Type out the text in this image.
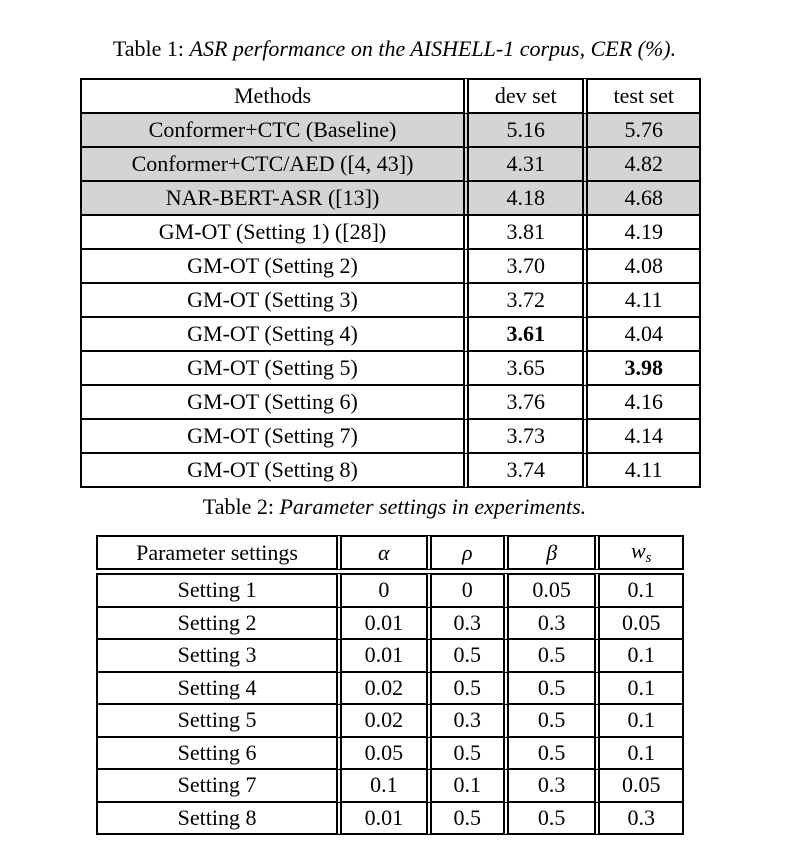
Table 1: ASR performance on the AISHELL-1 corpus, CER (%).
Methods	dev set	test set
Conformer+CTC (Baseline)	5.16	5.76
Conformer+CTC/AED ([4, 43])	4.31	4.82
NAR-BERT-ASR ([13])	4.18	4.68
GM-OT (Setting 1) ([28])	3.81	4.19
GM-OT (Setting 2)	3.70	4.08
GM-OT (Setting 3)	3.72	4.11
GM-OT (Setting 4)	3.61	4.04
GM-OT (Setting 5)	3.65	3.98
GM-OT (Setting 6)	3.76	4.16
GM-OT (Setting 7)	3.73	4.14
GM-OT (Setting 8)	3.74	4.11
Table 2: Parameter settings in experiments.
Parameter settings	α	ρ	β	$w_s$
Setting 1	0	0	0.05	0.1
Setting 2	0.01	0.3	0.3	0.05
Setting 3	0.01	0.5	0.5	0.1
Setting 4	0.02	0.5	0.5	0.1
Setting 5	0.02	0.3	0.5	0.1
Setting 6	0.05	0.5	0.5	0.1
Setting 7	0.1	0.1	0.3	0.05
Setting 8	0.01	0.5	0.5	0.3
